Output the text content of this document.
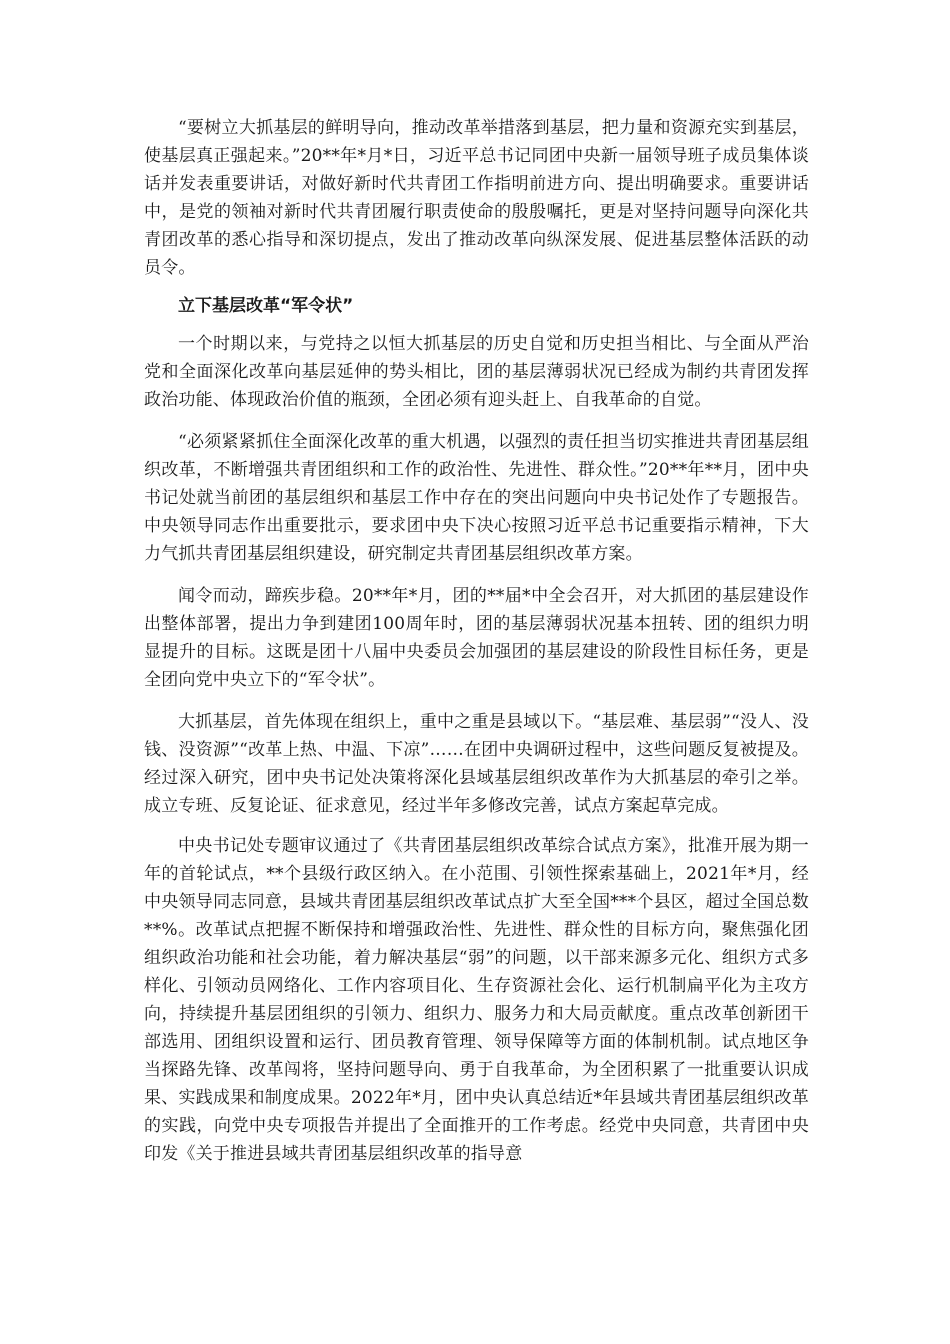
“要树立大抓基层的鲜明导向，推动改革举措落到基层，把力量和资源充实到基层，使基层真正强起来。”20**年*月*日，习近平总书记同团中央新一届领导班子成员集体谈话并发表重要讲话，对做好新时代共青团工作指明前进方向、提出明确要求。重要讲话中，是党的领袖对新时代共青团履行职责使命的殷殷嘱托，更是对坚持问题导向深化共青团改革的悉心指导和深切提点，发出了推动改革向纵深发展、促进基层整体活跃的动员令。

立下基层改革“军令状”

一个时期以来，与党持之以恒大抓基层的历史自觉和历史担当相比、与全面从严治党和全面深化改革向基层延伸的势头相比，团的基层薄弱状况已经成为制约共青团发挥政治功能、体现政治价值的瓶颈，全团必须有迎头赶上、自我革命的自觉。

“必须紧紧抓住全面深化改革的重大机遇，以强烈的责任担当切实推进共青团基层组织改革，不断增强共青团组织和工作的政治性、先进性、群众性。”20**年**月，团中央书记处就当前团的基层组织和基层工作中存在的突出问题向中央书记处作了专题报告。中央领导同志作出重要批示，要求团中央下决心按照习近平总书记重要指示精神，下大力气抓共青团基层组织建设，研究制定共青团基层组织改革方案。

闻令而动，蹄疾步稳。20**年*月，团的**届*中全会召开，对大抓团的基层建设作出整体部署，提出力争到建团100周年时，团的基层薄弱状况基本扭转、团的组织力明显提升的目标。这既是团十八届中央委员会加强团的基层建设的阶段性目标任务，更是全团向党中央立下的“军令状”。

大抓基层，首先体现在组织上，重中之重是县域以下。“基层难、基层弱”“没人、没钱、没资源”“改革上热、中温、下凉”……在团中央调研过程中，这些问题反复被提及。经过深入研究，团中央书记处决策将深化县域基层组织改革作为大抓基层的牵引之举。成立专班、反复论证、征求意见，经过半年多修改完善，试点方案起草完成。

中央书记处专题审议通过了《共青团基层组织改革综合试点方案》，批准开展为期一年的首轮试点，**个县级行政区纳入。在小范围、引领性探索基础上，2021年*月，经中央领导同志同意，县域共青团基层组织改革试点扩大至全国***个县区，超过全国总数**%。改革试点把握不断保持和增强政治性、先进性、群众性的目标方向，聚焦强化团组织政治功能和社会功能，着力解决基层“弱”的问题，以干部来源多元化、组织方式多样化、引领动员网络化、工作内容项目化、生存资源社会化、运行机制扁平化为主攻方向，持续提升基层团组织的引领力、组织力、服务力和大局贡献度。重点改革创新团干部选用、团组织设置和运行、团员教育管理、领导保障等方面的体制机制。试点地区争当探路先锋、改革闯将，坚持问题导向、勇于自我革命，为全团积累了一批重要认识成果、实践成果和制度成果。2022年*月，团中央认真总结近*年县域共青团基层组织改革的实践，向党中央专项报告并提出了全面推开的工作考虑。经党中央同意，共青团中央印发《关于推进县域共青团基层组织改革的指导意
